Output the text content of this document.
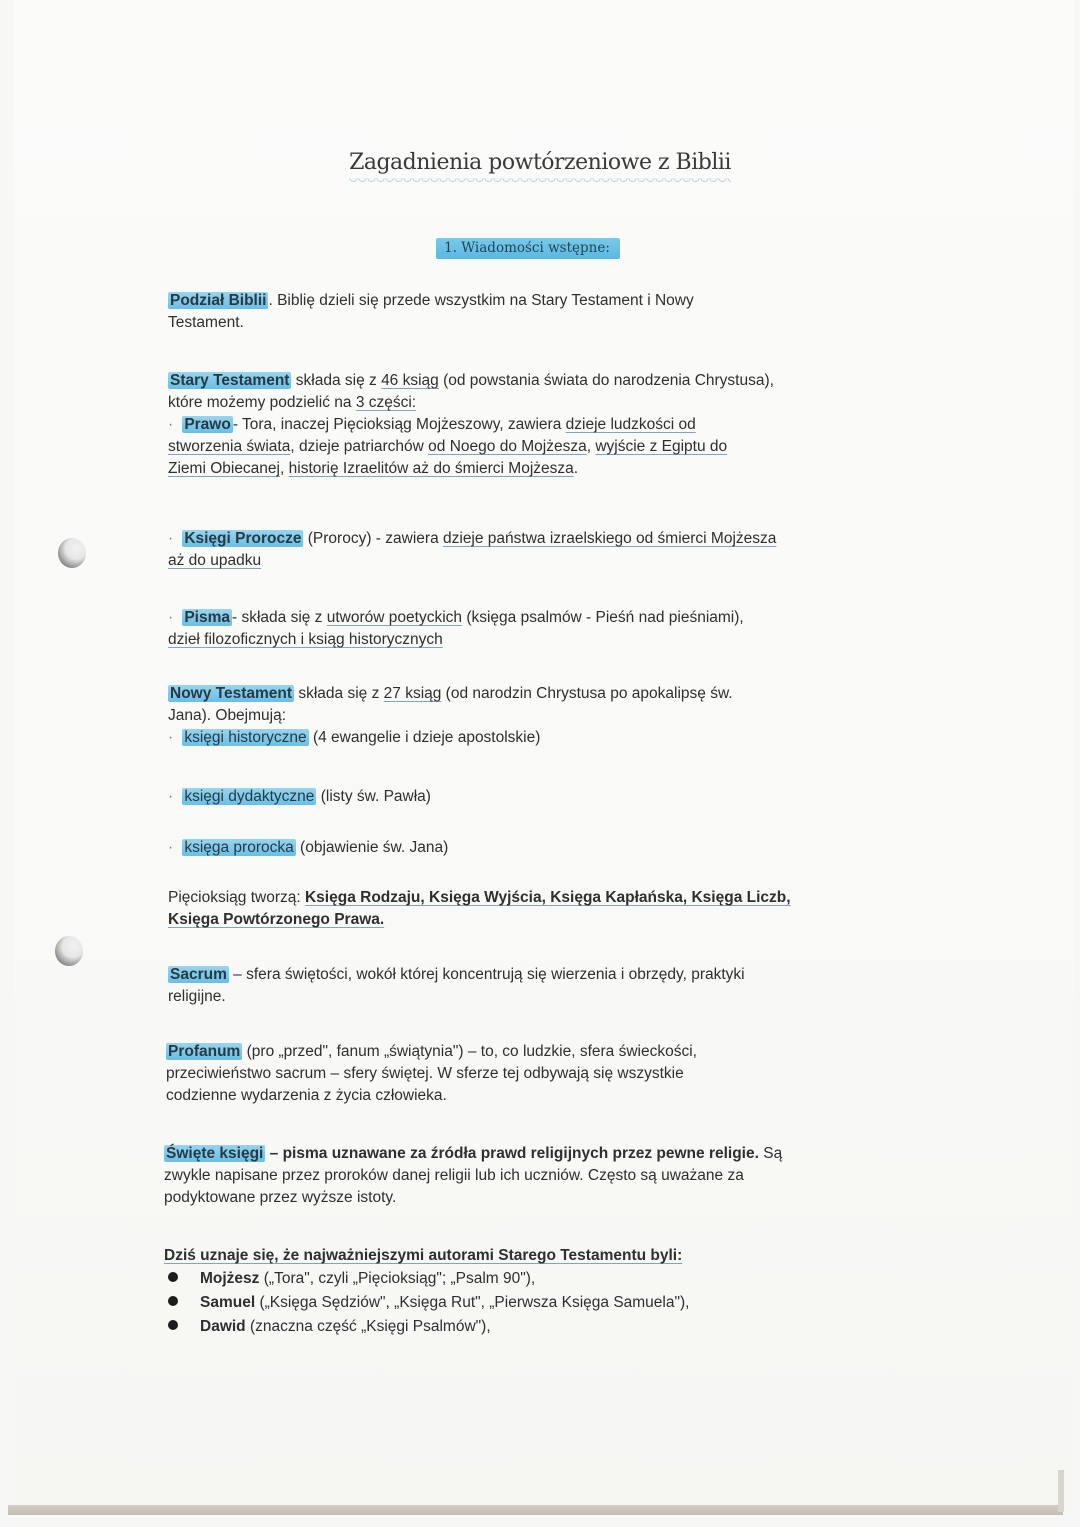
Zagadnienia powtórzeniowe z Biblii
1. Wiadomości wstępne:
Podział Biblii . Biblię dzieli się przede wszystkim na Stary Testament i Nowy
Testament.
Stary Testament składa się z 46 ksiąg (od powstania świata do narodzenia Chrystusa),
które możemy podzielić na 3 części:
· Prawo - Tora, inaczej Pięcioksiąg Mojżeszowy, zawiera dzieje ludzkości od
stworzenia świata, dzieje patriarchów od Noego do Mojżesza, wyjście z Egiptu do
Ziemi Obiecanej, historię Izraelitów aż do śmierci Mojżesza.
· Księgi Prorocze (Prorocy) - zawiera dzieje państwa izraelskiego od śmierci Mojżesza
aż do upadku
· Pisma - składa się z utworów poetyckich (księga psalmów - Pieśń nad pieśniami),
dzieł filozoficznych i ksiąg historycznych
Nowy Testament składa się z 27 ksiąg (od narodzin Chrystusa po apokalipsę św.
Jana). Obejmują:
· księgi historyczne (4 ewangelie i dzieje apostolskie)
· księgi dydaktyczne (listy św. Pawła)
· księga prorocka (objawienie św. Jana)
Pięcioksiąg tworzą: Księga Rodzaju, Księga Wyjścia, Księga Kapłańska, Księga Liczb,
Księga Powtórzonego Prawa.
Sacrum – sfera świętości, wokół której koncentrują się wierzenia i obrzędy, praktyki
religijne.
Profanum (pro „przed", fanum „świątynia") – to, co ludzkie, sfera świeckości,
przeciwieństwo sacrum – sfery świętej. W sferze tej odbywają się wszystkie
codzienne wydarzenia z życia człowieka.
Święte księgi – pisma uznawane za źródła prawd religijnych przez pewne religie. Są
zwykle napisane przez proroków danej religii lub ich uczniów. Często są uważane za
podyktowane przez wyższe istoty.
Dziś uznaje się, że najważniejszymi autorami Starego Testamentu byli:
Mojżesz („Tora", czyli „Pięcioksiąg"; „Psalm 90"),
Samuel („Księga Sędziów", „Księga Rut", „Pierwsza Księga Samuela"),
Dawid (znaczna część „Księgi Psalmów"),
